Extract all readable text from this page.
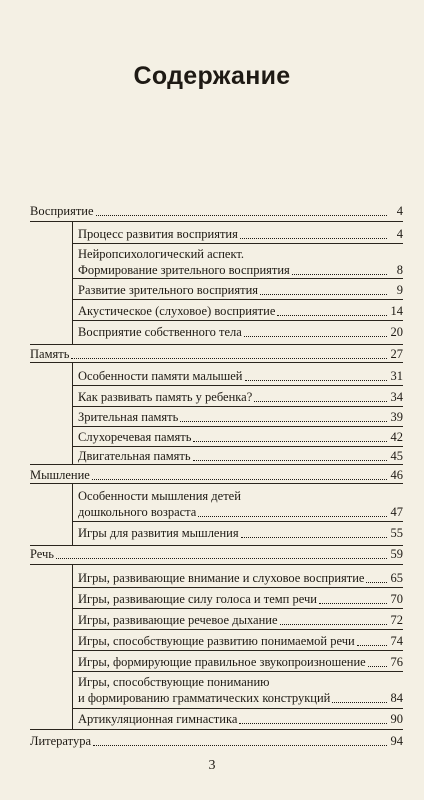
Содержание
Восприятие	4
Процесс развития восприятия	4
Нейропсихологический аспект.
Формирование зрительного восприятия	8
Развитие зрительного восприятия	9
Акустическое (слуховое) восприятие	14
Восприятие собственного тела	20
Память	27
Особенности памяти малышей	31
Как развивать память у ребенка?	34
Зрительная память	39
Слухоречевая память	42
Двигательная память	45
Мышление	46
Особенности мышления детей
дошкольного возраста	47
Игры для развития мышления	55
Речь	59
Игры, развивающие внимание и слуховое восприятие 65
Игры, развивающие силу голоса и темп речи	70
Игры, развивающие речевое дыхание	72
Игры, способствующие развитию понимаемой речи	74
Игры, формирующие правильное звукопроизношение 76
Игры, способствующие пониманию
и формированию грамматических конструкций	84
Артикуляционная гимнастика	90
Литература	94
3
